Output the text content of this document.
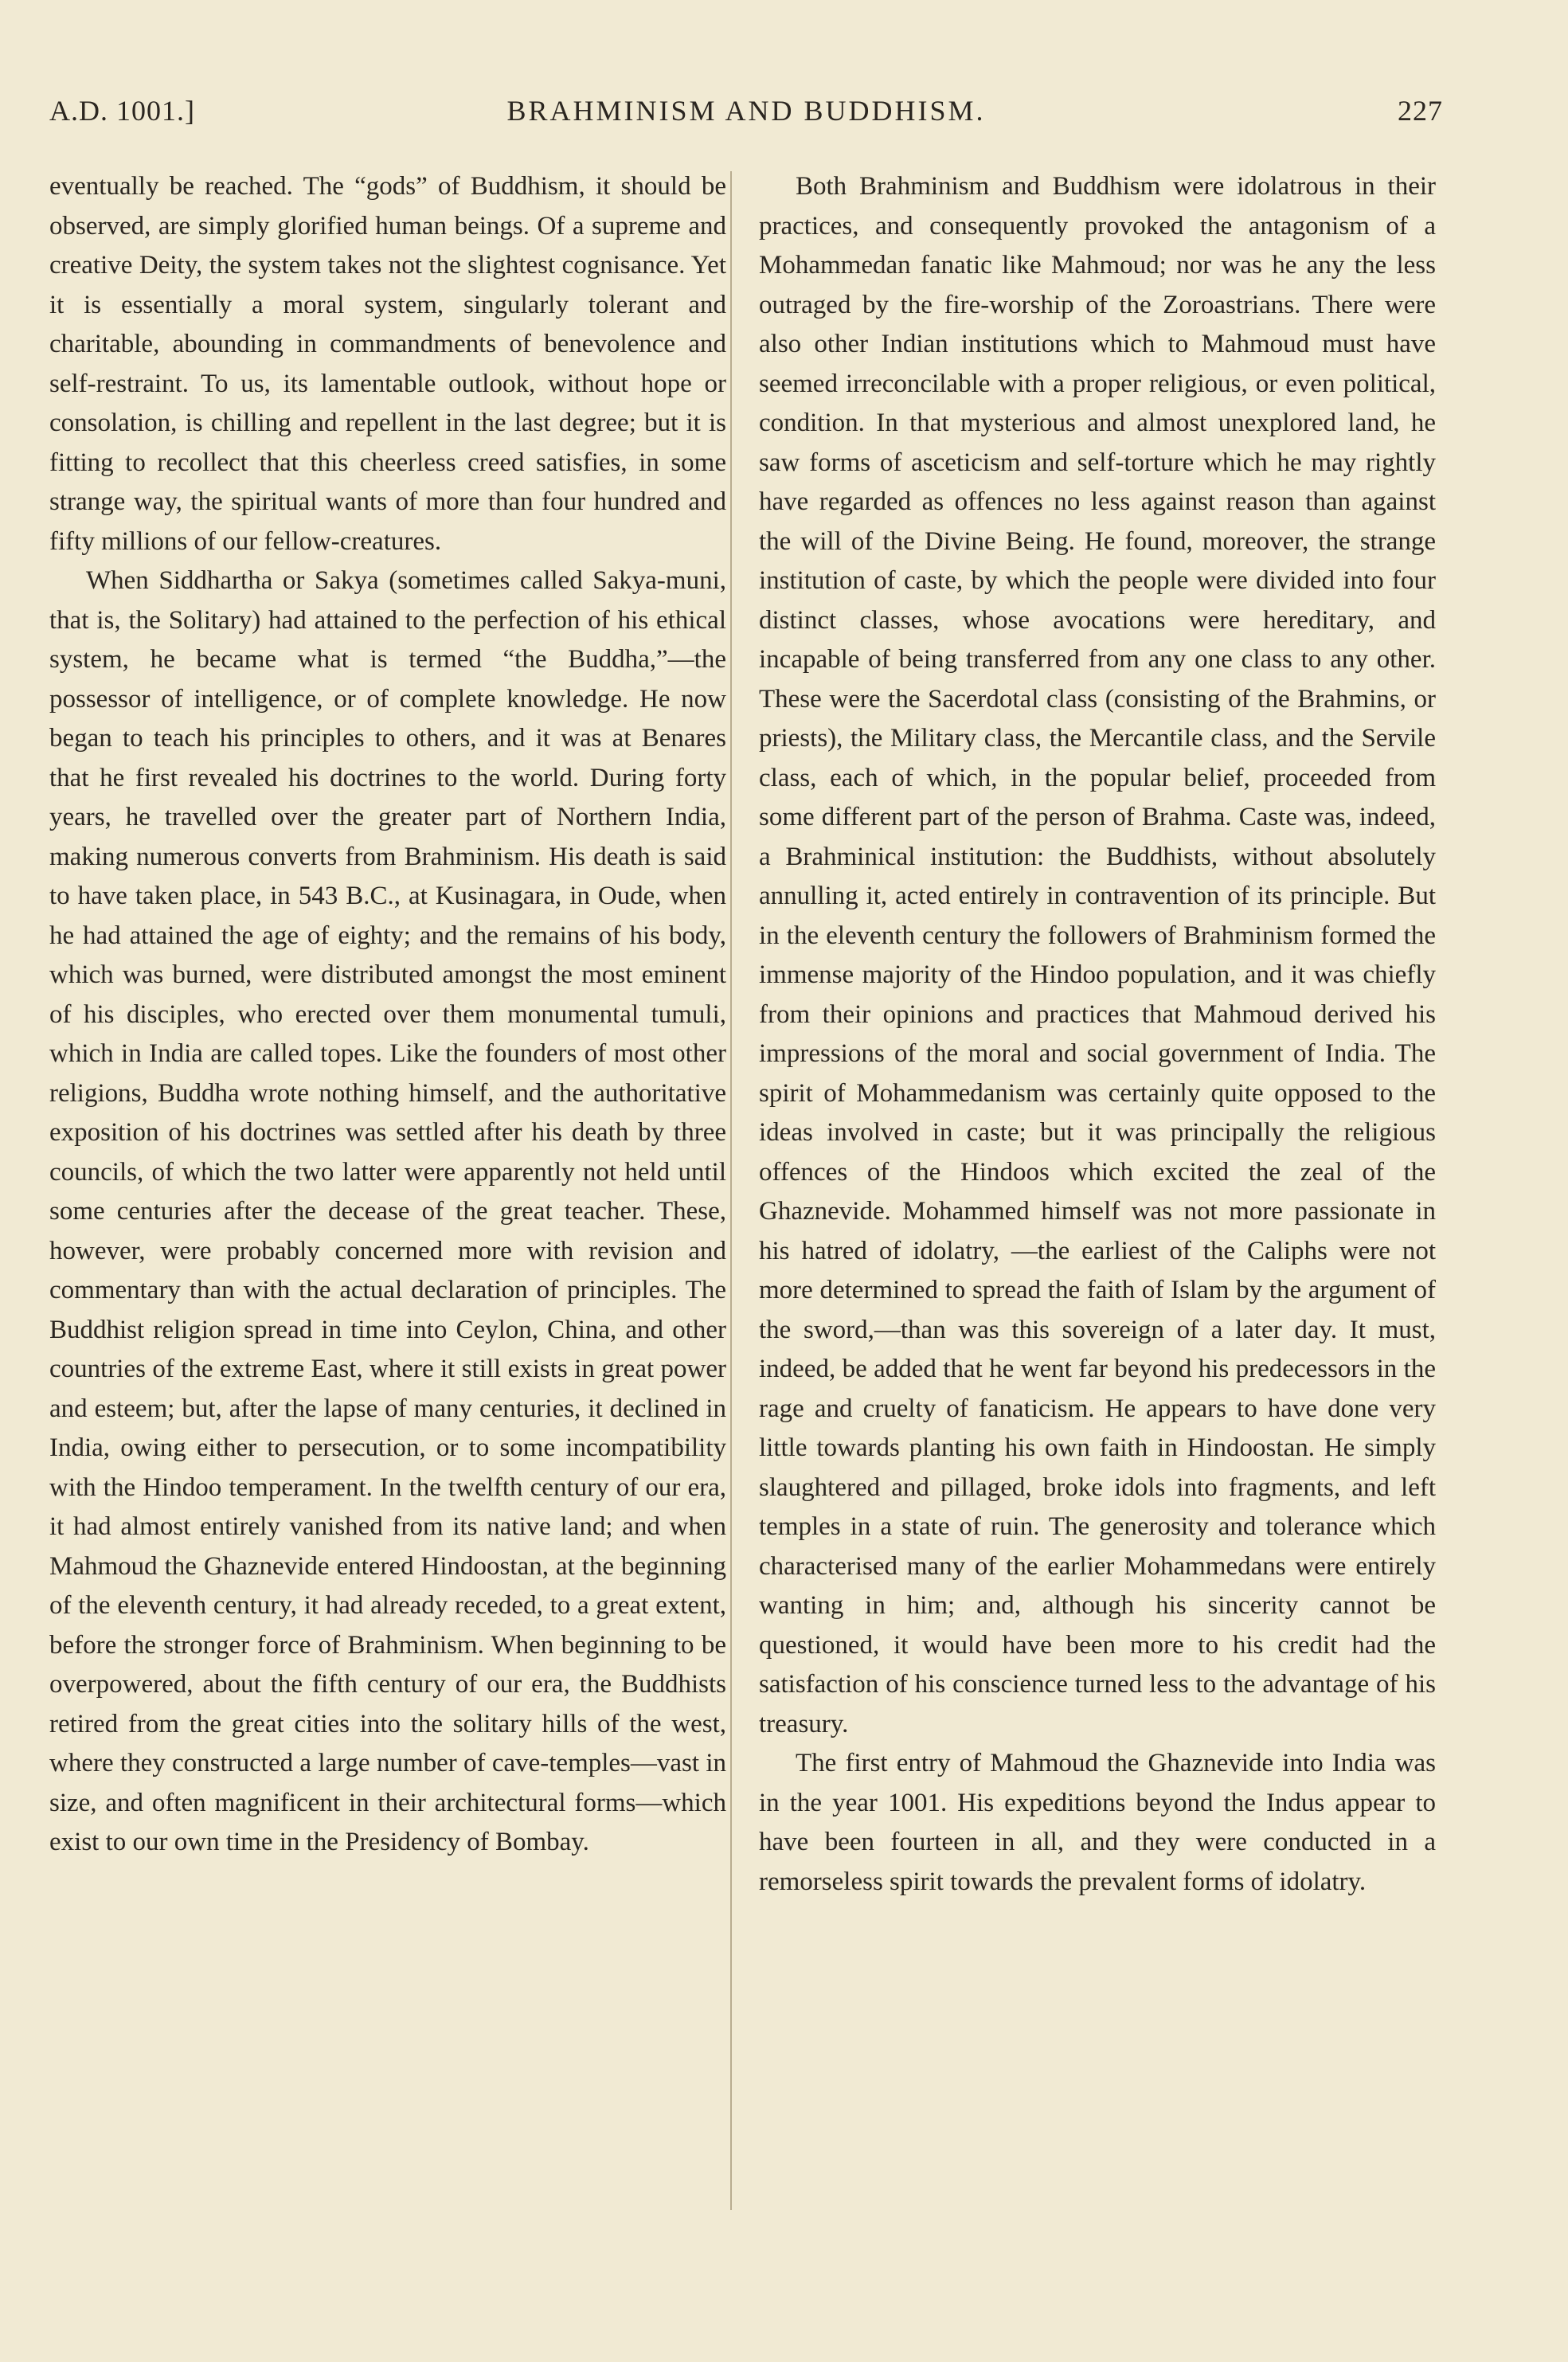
A.D. 1001.]	BRAHMINISM AND BUDDHISM.	227

eventually be reached. The “gods” of Buddhism, it should be observed, are simply glorified human beings. Of a supreme and creative Deity, the system takes not the slightest cognisance. Yet it is essentially a moral system, singularly tolerant and charitable, abounding in commandments of benevolence and self-restraint. To us, its lamentable outlook, without hope or consolation, is chilling and repellent in the last degree; but it is fitting to recollect that this cheerless creed satisfies, in some strange way, the spiritual wants of more than four hundred and fifty millions of our fellow-creatures.

When Siddhartha or Sakya (sometimes called Sakya-muni, that is, the Solitary) had attained to the perfection of his ethical system, he became what is termed “the Buddha,”—the possessor of intelligence, or of complete knowledge. He now began to teach his principles to others, and it was at Benares that he first revealed his doctrines to the world. During forty years, he travelled over the greater part of Northern India, making numerous converts from Brahminism. His death is said to have taken place, in 543 B.C., at Kusinagara, in Oude, when he had attained the age of eighty; and the remains of his body, which was burned, were distributed amongst the most eminent of his disciples, who erected over them monumental tumuli, which in India are called topes. Like the founders of most other religions, Buddha wrote nothing himself, and the authoritative exposition of his doctrines was settled after his death by three councils, of which the two latter were apparently not held until some centuries after the decease of the great teacher. These, however, were probably concerned more with revision and commentary than with the actual declaration of principles. The Buddhist religion spread in time into Ceylon, China, and other countries of the extreme East, where it still exists in great power and esteem; but, after the lapse of many centuries, it declined in India, owing either to persecution, or to some incompatibility with the Hindoo temperament. In the twelfth century of our era, it had almost entirely vanished from its native land; and when Mahmoud the Ghaznevide entered Hindoostan, at the beginning of the eleventh century, it had already receded, to a great extent, before the stronger force of Brahminism. When beginning to be overpowered, about the fifth century of our era, the Buddhists retired from the great cities into the solitary hills of the west, where they constructed a large number of cave-temples—vast in size, and often magnificent in their architectural forms—which exist to our own time in the Presidency of Bombay.

Both Brahminism and Buddhism were idolatrous in their practices, and consequently provoked the antagonism of a Mohammedan fanatic like Mahmoud; nor was he any the less outraged by the fire-worship of the Zoroastrians. There were also other Indian institutions which to Mahmoud must have seemed irreconcilable with a proper religious, or even political, condition. In that mysterious and almost unexplored land, he saw forms of asceticism and self-torture which he may rightly have regarded as offences no less against reason than against the will of the Divine Being. He found, moreover, the strange institution of caste, by which the people were divided into four distinct classes, whose avocations were hereditary, and incapable of being transferred from any one class to any other. These were the Sacerdotal class (consisting of the Brahmins, or priests), the Military class, the Mercantile class, and the Servile class, each of which, in the popular belief, proceeded from some different part of the person of Brahma. Caste was, indeed, a Brahminical institution: the Buddhists, without absolutely annulling it, acted entirely in contravention of its principle. But in the eleventh century the followers of Brahminism formed the immense majority of the Hindoo population, and it was chiefly from their opinions and practices that Mahmoud derived his impressions of the moral and social government of India. The spirit of Mohammedanism was certainly quite opposed to the ideas involved in caste; but it was principally the religious offences of the Hindoos which excited the zeal of the Ghaznevide. Mohammed himself was not more passionate in his hatred of idolatry, —the earliest of the Caliphs were not more determined to spread the faith of Islam by the argument of the sword,—than was this sovereign of a later day. It must, indeed, be added that he went far beyond his predecessors in the rage and cruelty of fanaticism. He appears to have done very little towards planting his own faith in Hindoostan. He simply slaughtered and pillaged, broke idols into fragments, and left temples in a state of ruin. The generosity and tolerance which characterised many of the earlier Mohammedans were entirely wanting in him; and, although his sincerity cannot be questioned, it would have been more to his credit had the satisfaction of his conscience turned less to the advantage of his treasury.

The first entry of Mahmoud the Ghaznevide into India was in the year 1001. His expeditions beyond the Indus appear to have been fourteen in all, and they were conducted in a remorseless spirit towards the prevalent forms of idolatry.
